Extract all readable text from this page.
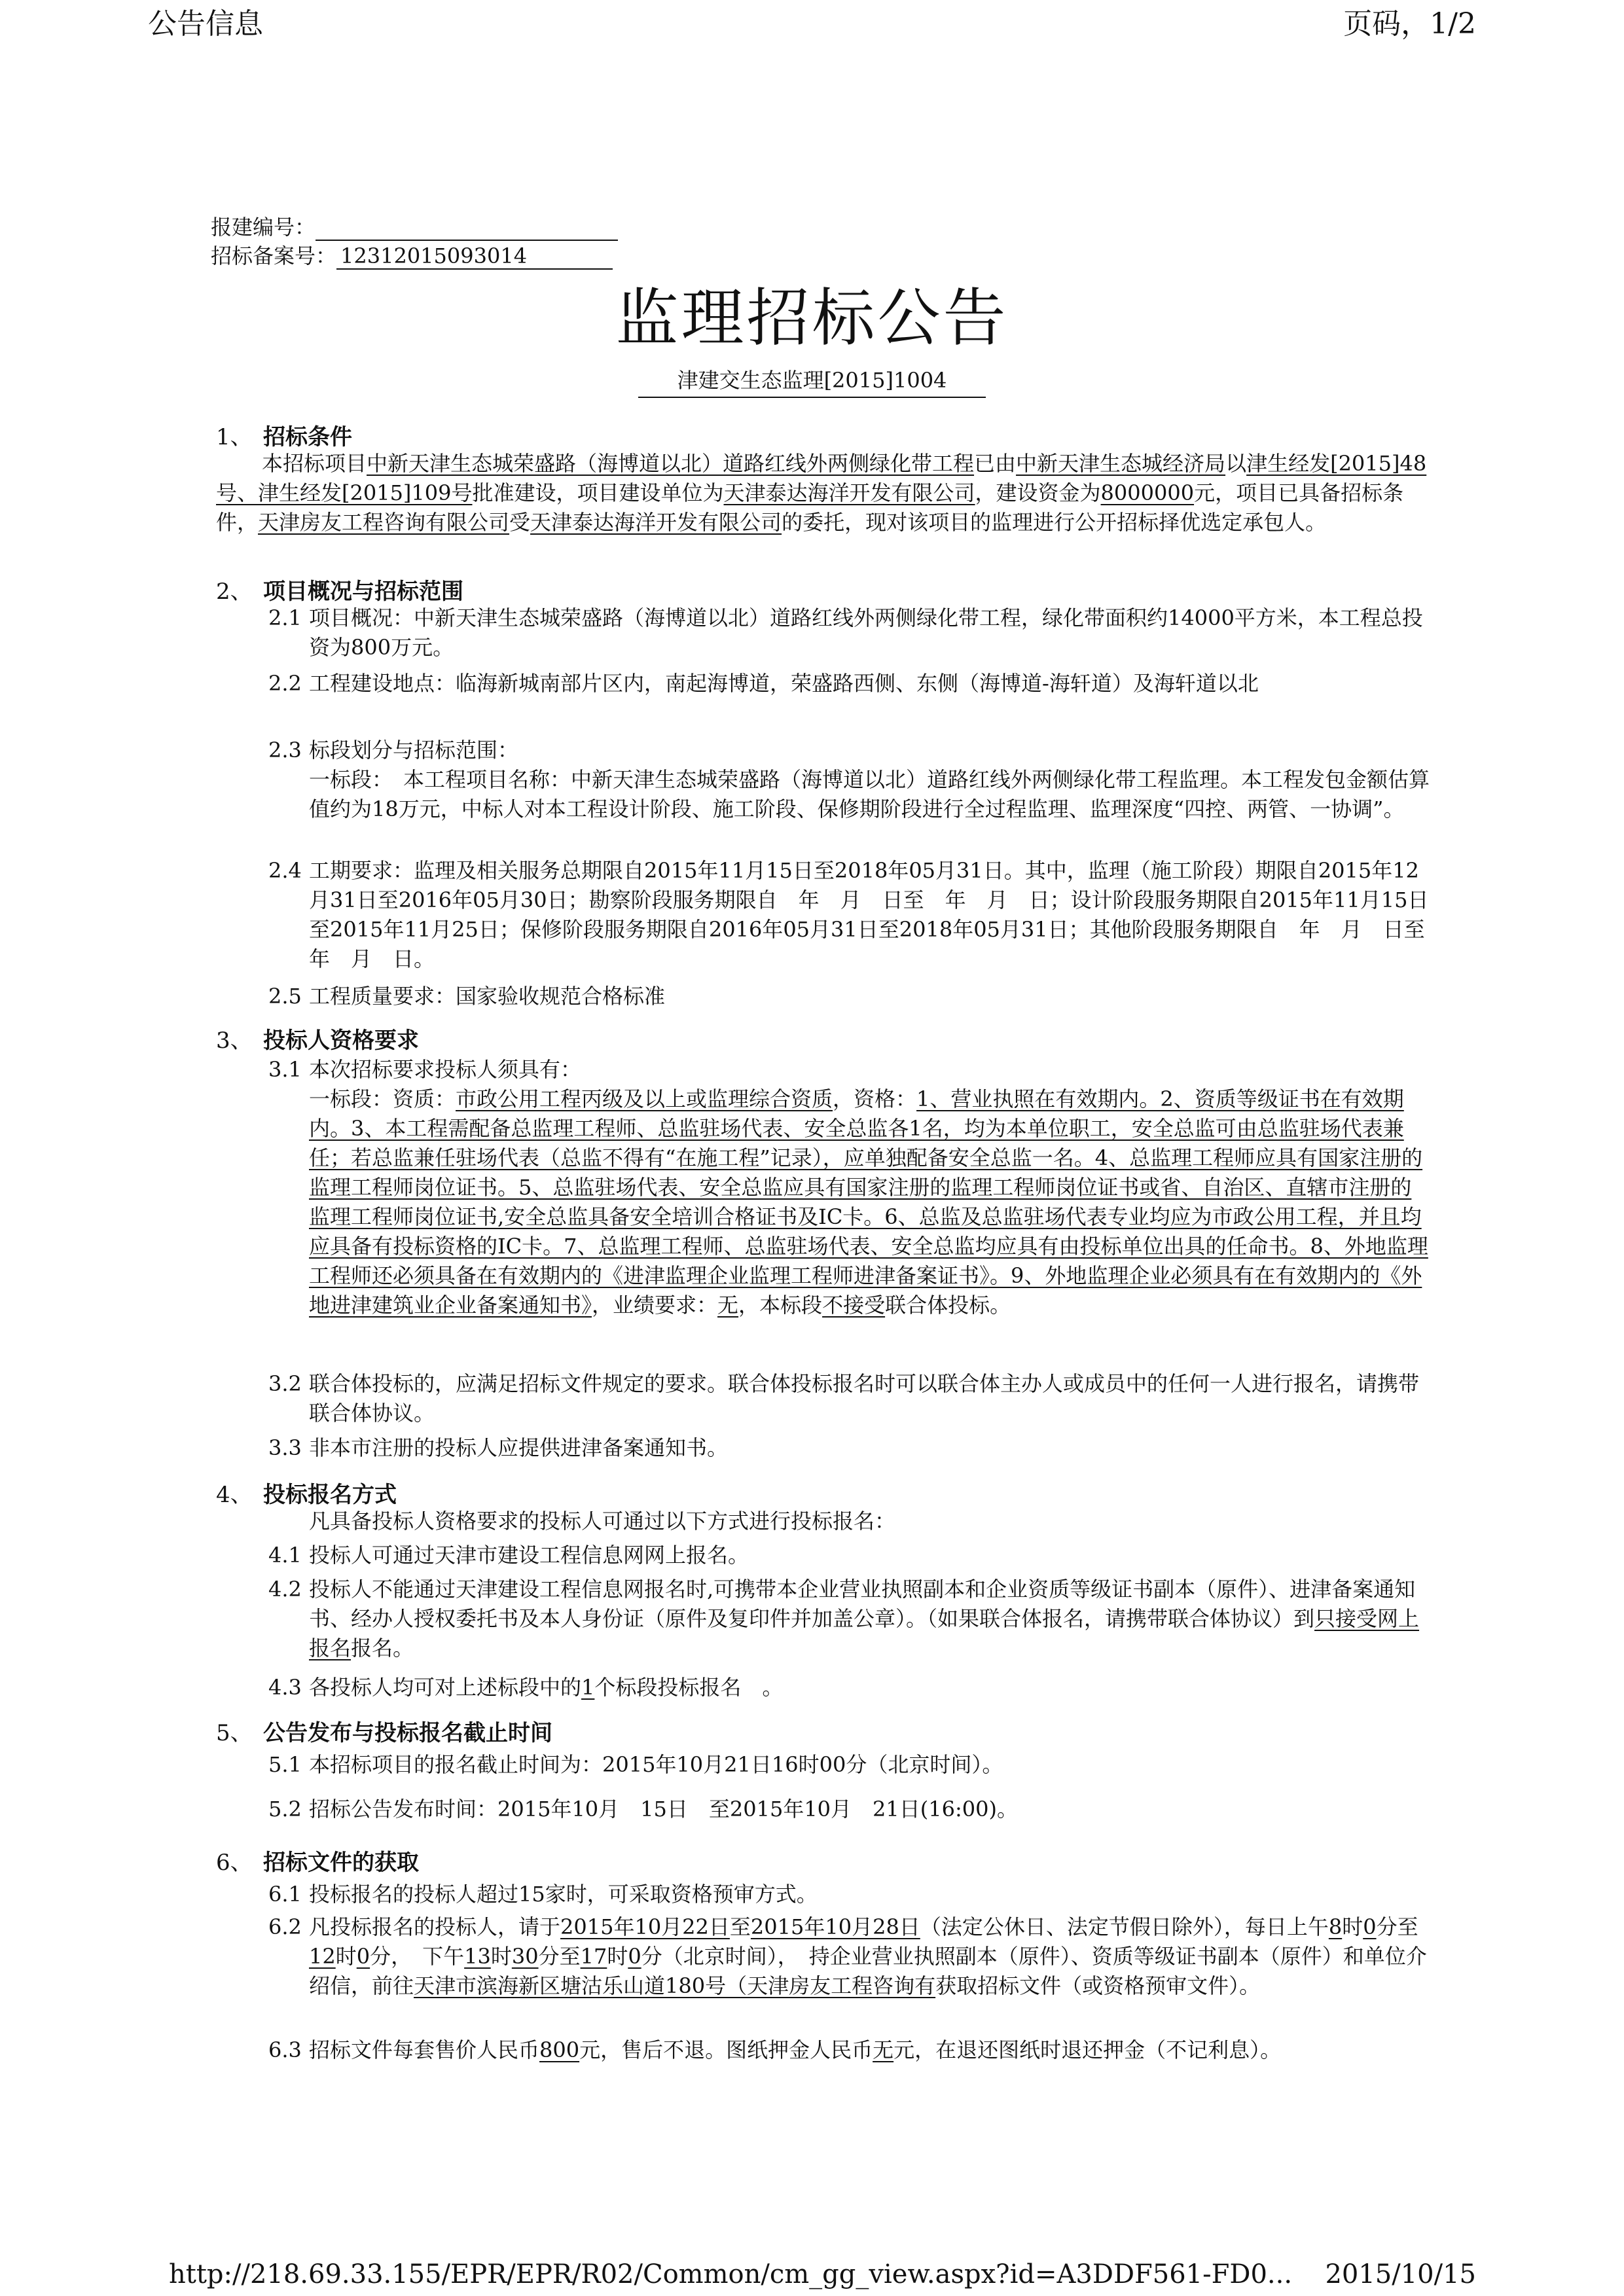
公告信息	页码，1/2
报建编号：
招标备案号： 12312015093014
监理招标公告
津建交生态监理[2015]1004
1、 招标条件
本招标项目中新天津生态城荣盛路（海博道以北）道路红线外两侧绿化带工程已由中新天津生态城经济局以津生经发[2015]48号、津生经发[2015]109号批准建设，项目建设单位为天津泰达海洋开发有限公司，建设资金为8000000元，项目已具备招标条件，天津房友工程咨询有限公司受天津泰达海洋开发有限公司的委托，现对该项目的监理进行公开招标择优选定承包人。
2、 项目概况与招标范围
2.1 项目概况：中新天津生态城荣盛路（海博道以北）道路红线外两侧绿化带工程，绿化带面积约14000平方米，本工程总投资为800万元。
2.2 工程建设地点：临海新城南部片区内，南起海博道，荣盛路西侧、东侧（海博道-海轩道）及海轩道以北
2.3 标段划分与招标范围：
一标段：　本工程项目名称：中新天津生态城荣盛路（海博道以北）道路红线外两侧绿化带工程监理。本工程发包金额估算值约为18万元，中标人对本工程设计阶段、施工阶段、保修期阶段进行全过程监理、监理深度“四控、两管、一协调”。
2.4 工期要求：监理及相关服务总期限自2015年11月15日至2018年05月31日。其中，监理（施工阶段）期限自2015年12月31日至2016年05月30日；勘察阶段服务期限自　年　月　日至　年　月　日；设计阶段服务期限自2015年11月15日至2015年11月25日；保修阶段服务期限自2016年05月31日至2018年05月31日；其他阶段服务期限自　年　月　日至　年　月　日。
2.5 工程质量要求：国家验收规范合格标准
3、 投标人资格要求
3.1 本次招标要求投标人须具有：
一标段：资质：市政公用工程丙级及以上或监理综合资质，资格：1、营业执照在有效期内。2、资质等级证书在有效期内。3、本工程需配备总监理工程师、总监驻场代表、安全总监各1名，均为本单位职工，安全总监可由总监驻场代表兼任；若总监兼任驻场代表（总监不得有“在施工程”记录），应单独配备安全总监一名。4、总监理工程师应具有国家注册的监理工程师岗位证书。5、总监驻场代表、安全总监应具有国家注册的监理工程师岗位证书或省、自治区、直辖市注册的监理工程师岗位证书,安全总监具备安全培训合格证书及IC卡。6、总监及总监驻场代表专业均应为市政公用工程，并且均应具备有投标资格的IC卡。7、总监理工程师、总监驻场代表、安全总监均应具有由投标单位出具的任命书。8、外地监理工程师还必须具备在有效期内的《进津监理企业监理工程师进津备案证书》。9、外地监理企业必须具有在有效期内的《外地进津建筑业企业备案通知书》，业绩要求：无，本标段不接受联合体投标。
3.2 联合体投标的，应满足招标文件规定的要求。联合体投标报名时可以联合体主办人或成员中的任何一人进行报名，请携带联合体协议。
3.3 非本市注册的投标人应提供进津备案通知书。
4、 投标报名方式
凡具备投标人资格要求的投标人可通过以下方式进行投标报名：
4.1 投标人可通过天津市建设工程信息网网上报名。
4.2 投标人不能通过天津建设工程信息网报名时,可携带本企业营业执照副本和企业资质等级证书副本（原件）、进津备案通知书、经办人授权委托书及本人身份证（原件及复印件并加盖公章）。（如果联合体报名，请携带联合体协议）到只接受网上报名报名。
4.3 各投标人均可对上述标段中的1个标段投标报名　。
5、 公告发布与投标报名截止时间
5.1 本招标项目的报名截止时间为：2015年10月21日16时00分（北京时间）。
5.2 招标公告发布时间：2015年10月　15日　至2015年10月　21日(16:00)。
6、 招标文件的获取
6.1 投标报名的投标人超过15家时，可采取资格预审方式。
6.2 凡投标报名的投标人，请于2015年10月22日至2015年10月28日（法定公休日、法定节假日除外），每日上午8时0分至12时0分，　下午13时30分至17时0分（北京时间），　持企业营业执照副本（原件）、资质等级证书副本（原件）和单位介绍信，前往天津市滨海新区塘沽乐山道180号（天津房友工程咨询有获取招标文件（或资格预审文件）。
6.3 招标文件每套售价人民币800元，售后不退。图纸押金人民币无元，在退还图纸时退还押金（不记利息）。
http://218.69.33.155/EPR/EPR/R02/Common/cm_gg_view.aspx?id=A3DDF561-FD0... 2015/10/15
